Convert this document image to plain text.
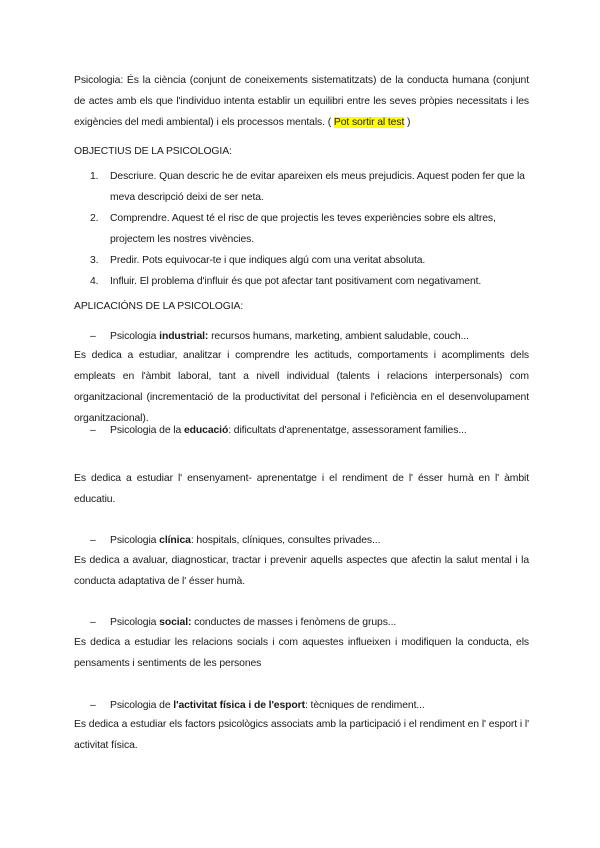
Psicologia: És la ciència (conjunt de coneixements sistematitzats) de la conducta humana (conjunt de actes amb els que l'individuo intenta establir un equilibri entre les seves pròpies necessitats i les exigències del medi ambiental) i els processos mentals. ( Pot sortir al test )

OBJECTIUS DE LA PSICOLOGIA:

1. Descriure. Quan descric he de evitar apareixen els meus prejudicis. Aquest poden fer que la meva descripció deixi de ser neta.
2. Comprendre. Aquest té el risc de que projectis les teves experiències sobre els altres, projectem les nostres vivències.
3. Predir. Pots equivocar-te i que indiques algú com una veritat absoluta.
4. Influir. El problema d'influir és que pot afectar tant positivament com negativament.

APLICACIÓNS DE LA PSICOLOGIA:

– Psicologia industrial: recursos humans, marketing, ambient saludable, couch...

Es dedica a estudiar, analitzar i comprendre les actituds, comportaments i acompliments dels empleats en l'àmbit laboral, tant a nivell individual (talents i relacions interpersonals) com organitzacional (incrementació de la productivitat del personal i l'eficiència en el desenvolupament organitzacional).

– Psicologia de la educació: dificultats d'aprenentatge, assessorament families...

Es dedica a estudiar l' ensenyament- aprenentatge i el rendiment de l' ésser humà en l' àmbit educatiu.

– Psicologia clínica: hospitals, clíniques, consultes privades...

Es dedica a avaluar, diagnosticar, tractar i prevenir aquells aspectes que afectin la salut mental i la conducta adaptativa de l' ésser humà.

– Psicologia social: conductes de masses i fenòmens de grups...

Es dedica a estudiar les relacions socials i com aquestes influeixen i modifiquen la conducta, els pensaments i sentiments de les persones

– Psicologia de l'activitat física i de l'esport: tècniques de rendiment...

Es dedica a estudiar els factors psicològics associats amb la participació i el rendiment en l' esport i l' activitat física.
